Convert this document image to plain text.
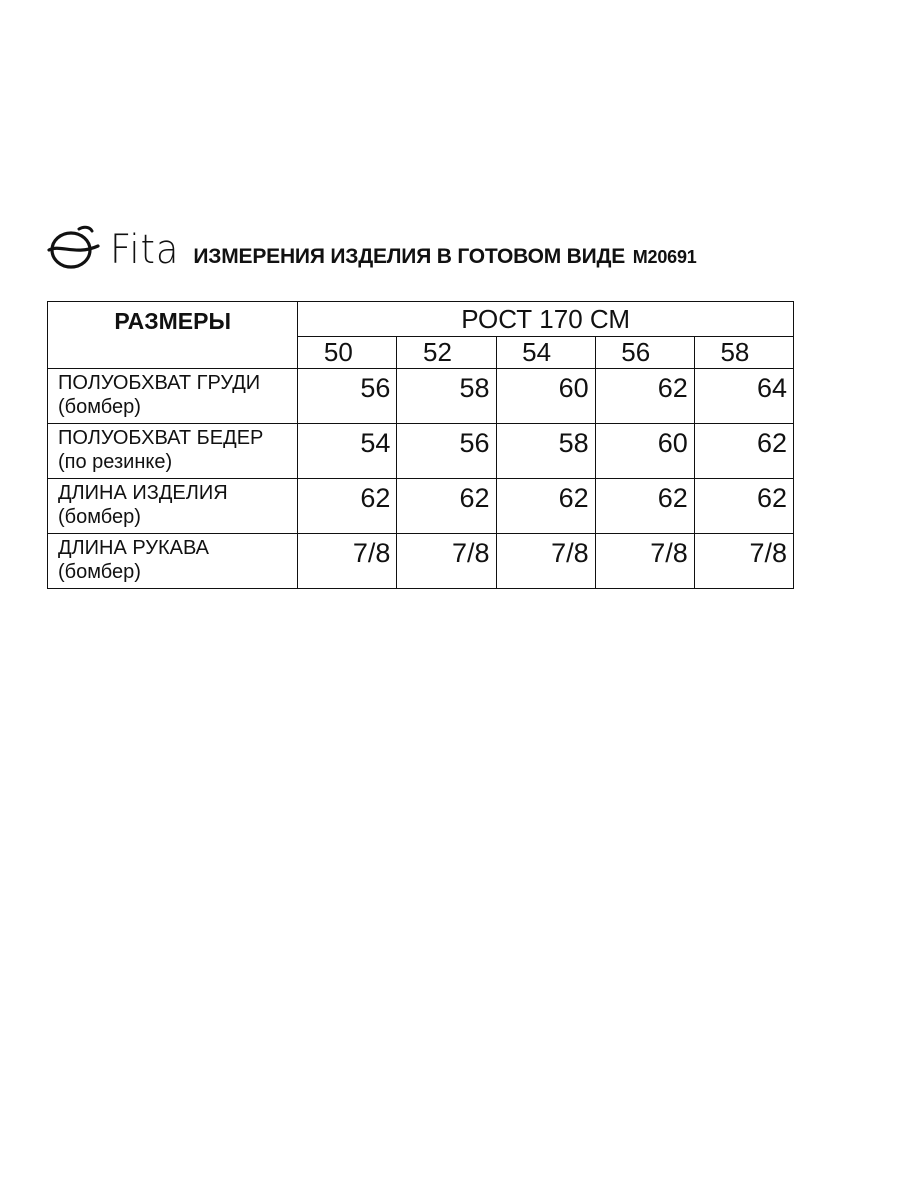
Fita ИЗМЕРЕНИЯ ИЗДЕЛИЯ В ГОТОВОМ ВИДЕ М20691
РАЗМЕРЫ	РОСТ 170 СМ				
	50	52	54	56	58

ПОЛУОБХВАТ ГРУДИ
(бомбер)	56	58	60	62	64

ПОЛУОБХВАТ БЕДЕР
(по резинке)	54	56	58	60	62

ДЛИНА ИЗДЕЛИЯ
(бомбер)	62	62	62	62	62

ДЛИНА РУКАВА
(бомбер)	7/8	7/8	7/8	7/8	7/8
